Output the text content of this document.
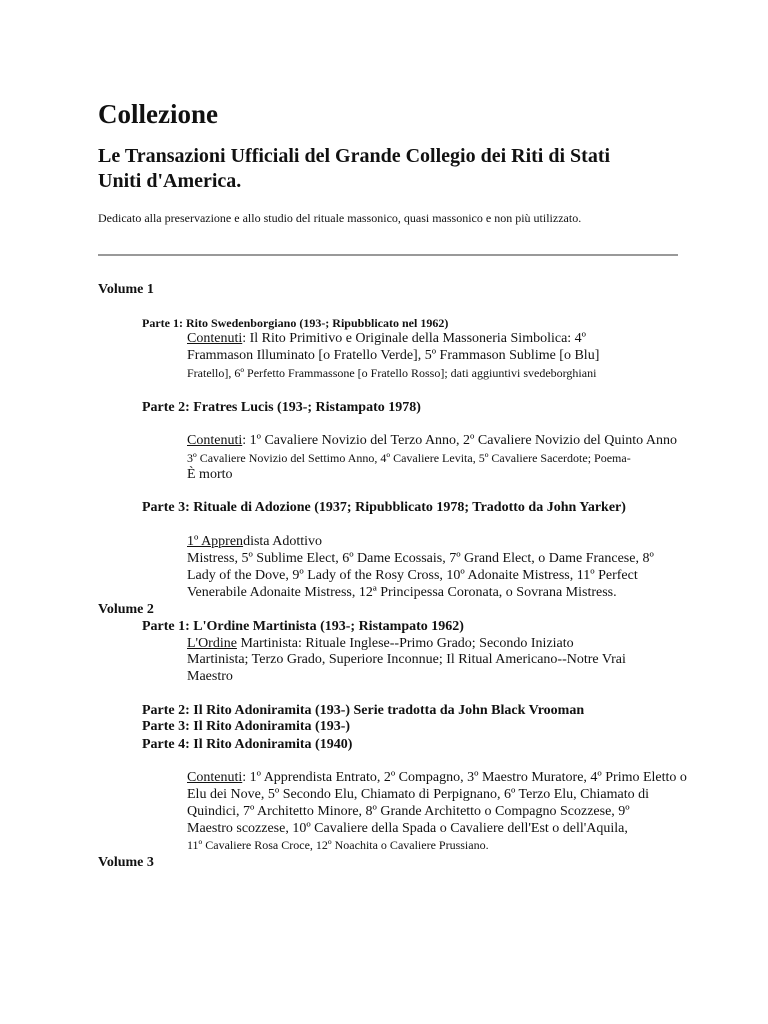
Collezione
Le Transazioni Ufficiali del Grande Collegio dei Riti di Stati Uniti d'America.
Dedicato alla preservazione e allo studio del rituale massonico, quasi massonico e non più utilizzato.
Volume 1
Parte 1: Rito Swedenborgiano (193-; Ripubblicato nel 1962)
Contenuti: Il Rito Primitivo e Originale della Massoneria Simbolica: 4º
Frammason Illuminato [o Fratello Verde], 5º Frammason Sublime [o Blu]
Fratello], 6º Perfetto Frammassone [o Fratello Rosso]; dati aggiuntivi svedeborghiani
Parte 2: Fratres Lucis (193-; Ristampato 1978)
Contenuti: 1º Cavaliere Novizio del Terzo Anno, 2º Cavaliere Novizio del Quinto Anno
3º Cavaliere Novizio del Settimo Anno, 4º Cavaliere Levita, 5º Cavaliere Sacerdote; Poema-
È morto
Parte 3: Rituale di Adozione (1937; Ripubblicato 1978; Tradotto da John Yarker)
1º Apprendista Adottivo
Mistress, 5º Sublime Elect, 6º Dame Ecossais, 7º Grand Elect, o Dame Francese, 8º
Lady of the Dove, 9º Lady of the Rosy Cross, 10º Adonaite Mistress, 11º Perfect
Venerabile Adonaite Mistress, 12ª Principessa Coronata, o Sovrana Mistress.
Volume 2
Parte 1: L'Ordine Martinista (193-; Ristampato 1962)
L'Ordine Martinista: Rituale Inglese--Primo Grado; Secondo Iniziato
Martinista; Terzo Grado, Superiore Inconnue; Il Ritual Americano--Notre Vrai
Maestro
Parte 2: Il Rito Adoniramita (193-) Serie tradotta da John Black Vrooman
Parte 3: Il Rito Adoniramita (193-)
Parte 4: Il Rito Adoniramita (1940)
Contenuti: 1º Apprendista Entrato, 2º Compagno, 3º Maestro Muratore, 4º Primo Eletto o
Elu dei Nove, 5º Secondo Elu, Chiamato di Perpignano, 6º Terzo Elu, Chiamato di
Quindici, 7º Architetto Minore, 8º Grande Architetto o Compagno Scozzese, 9º
Maestro scozzese, 10º Cavaliere della Spada o Cavaliere dell'Est o dell'Aquila,
11º Cavaliere Rosa Croce, 12º Noachita o Cavaliere Prussiano.
Volume 3
